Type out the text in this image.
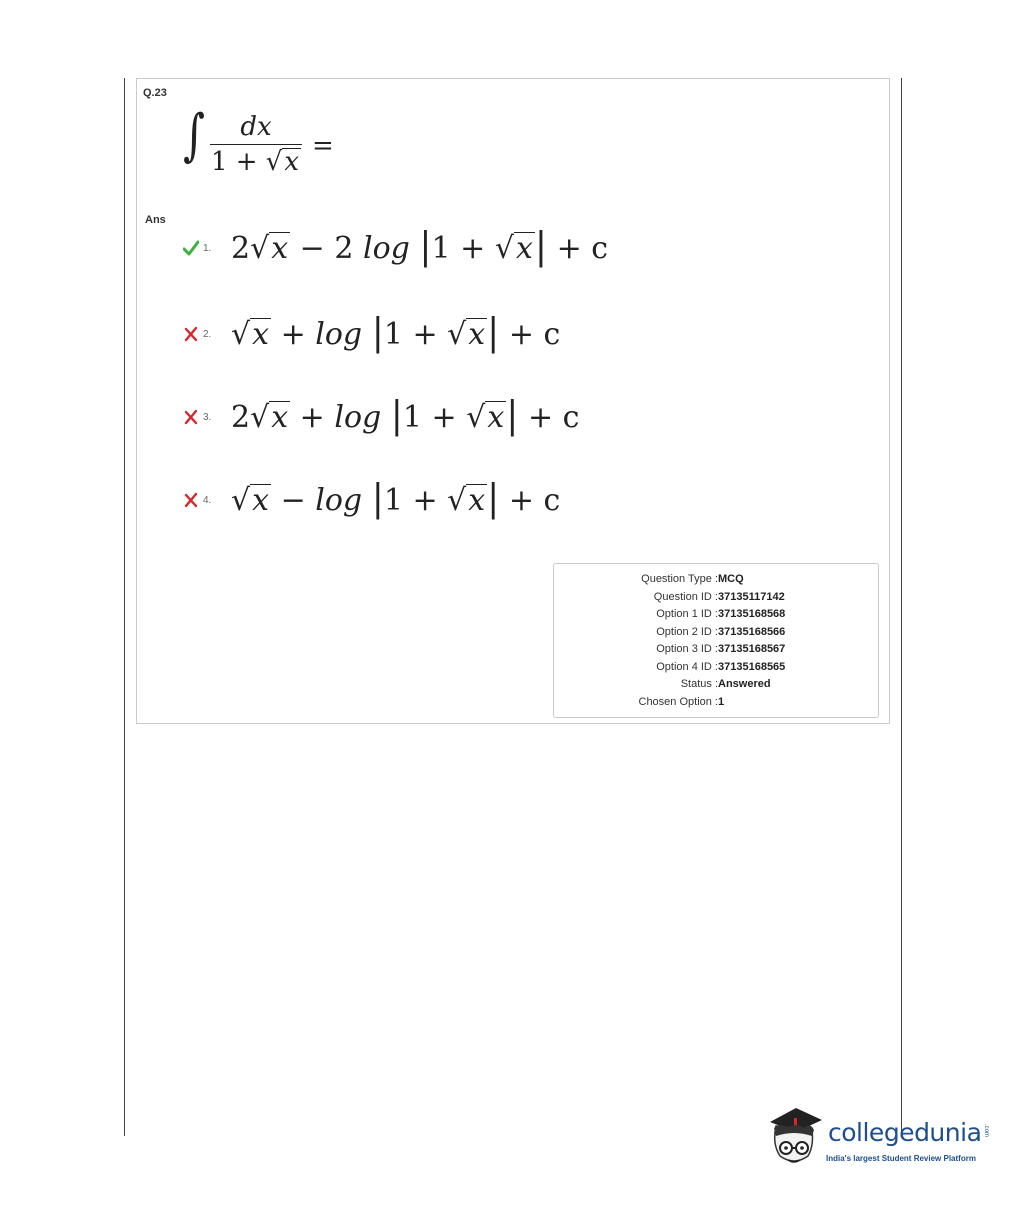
Q.23
∫	dx
1 + √x
=
Ans
1. 2√x − 2 log |1 + √x| + c
2. √x + log |1 + √x| + c
3. 2√x + log |1 + √x| + c
4. √x − log |1 + √x| + c
Question Type : MCQ
Question ID : 37135117142
Option 1 ID : 37135168568
Option 2 ID : 37135168566
Option 3 ID : 37135168567
Option 4 ID : 37135168565
Status : Answered
Chosen Option : 1
collegedunia .com
India's largest Student Review Platform
